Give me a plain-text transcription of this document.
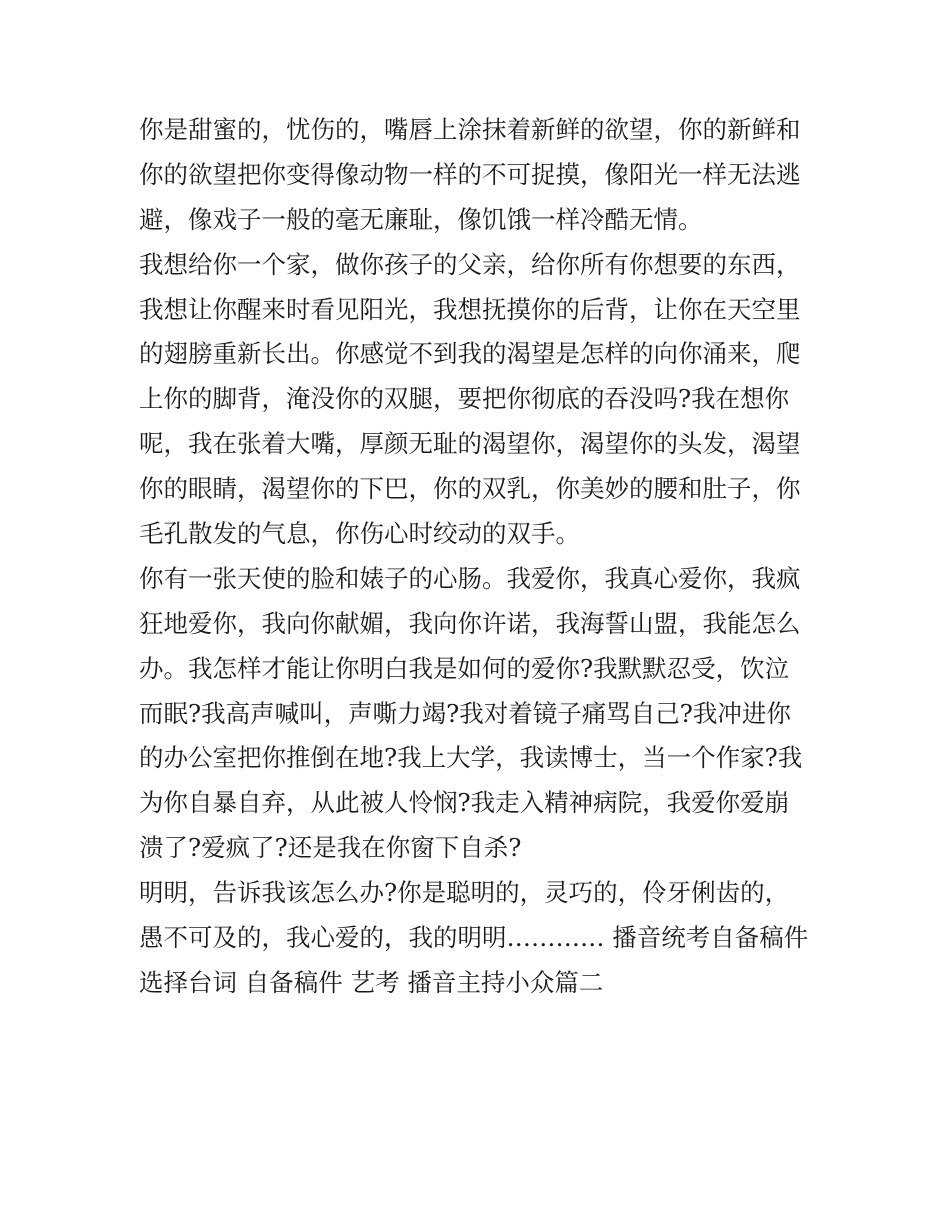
你是甜蜜的，忧伤的，嘴唇上涂抹着新鲜的欲望，你的新鲜和
你的欲望把你变得像动物一样的不可捉摸，像阳光一样无法逃
避，像戏子一般的毫无廉耻，像饥饿一样冷酷无情。
我想给你一个家，做你孩子的父亲，给你所有你想要的东西，
我想让你醒来时看见阳光，我想抚摸你的后背，让你在天空里
的翅膀重新长出。你感觉不到我的渴望是怎样的向你涌来，爬
上你的脚背，淹没你的双腿，要把你彻底的吞没吗?我在想你
呢，我在张着大嘴，厚颜无耻的渴望你，渴望你的头发，渴望
你的眼睛，渴望你的下巴，你的双乳，你美妙的腰和肚子，你
毛孔散发的气息，你伤心时绞动的双手。
你有一张天使的脸和婊子的心肠。我爱你，我真心爱你，我疯
狂地爱你，我向你献媚，我向你许诺，我海誓山盟，我能怎么
办。我怎样才能让你明白我是如何的爱你?我默默忍受，饮泣
而眠?我高声喊叫，声嘶力竭?我对着镜子痛骂自己?我冲进你
的办公室把你推倒在地?我上大学，我读博士，当一个作家?我
为你自暴自弃，从此被人怜悯?我走入精神病院，我爱你爱崩
溃了?爱疯了?还是我在你窗下自杀?
明明，告诉我该怎么办?你是聪明的，灵巧的，伶牙俐齿的，
愚不可及的，我心爱的，我的明明………… 播音统考自备稿件
选择台词 自备稿件 艺考 播音主持小众篇二
